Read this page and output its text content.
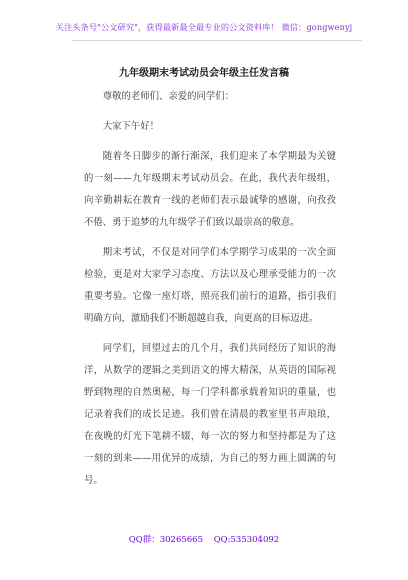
关注头条号"公文研究"，获得最新最全最专业的公文资料库！ 微信：gongwenyj
九年级期末考试动员会年级主任发言稿

尊敬的老师们、亲爱的同学们：

大家下午好！

随着冬日脚步的渐行渐深，我们迎来了本学期最为关键的一刻——九年级期末考试动员会。在此，我代表年级组，向辛勤耕耘在教育一线的老师们表示最诚挚的感谢，向孜孜不倦、勇于追梦的九年级学子们致以最崇高的敬意。

期末考试，不仅是对同学们本学期学习成果的一次全面检验，更是对大家学习态度、方法以及心理承受能力的一次重要考验。它像一座灯塔，照亮我们前行的道路，指引我们明确方向，激励我们不断超越自我，向更高的目标迈进。

同学们，回望过去的几个月，我们共同经历了知识的海洋，从数学的逻辑之美到语文的博大精深，从英语的国际视野到物理的自然奥秘，每一门学科都承载着知识的重量，也记录着我们的成长足迹。我们曾在清晨的教室里书声琅琅，在夜晚的灯光下笔耕不辍，每一次的努力和坚持都是为了这一刻的到来——用优异的成绩，为自己的努力画上圆满的句号。

QQ群：30265665 QQ:535304092
